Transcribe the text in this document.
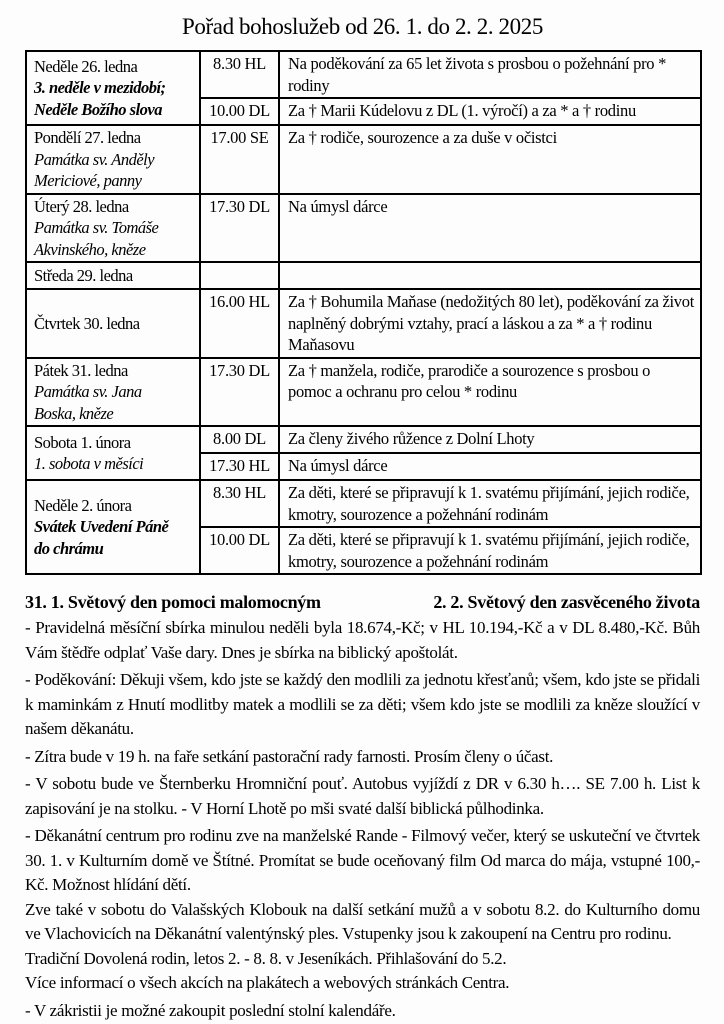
Pořad bohoslužeb od 26. 1. do 2. 2. 2025
Neděle 26. ledna
3. neděle v mezidobí;
Neděle Božího slova	8.30 HL	Na poděkování za 65 let života s prosbou o požehnání pro * rodiny
	10.00 DL	Za † Marii Kúdelovu z DL (1. výročí) a za * a † rodinu

Pondělí 27. ledna
Památka sv. Anděly
Mericiové, panny	17.00 SE	Za † rodiče, sourozence a za duše v očistci

Úterý 28. ledna
Památka sv. Tomáše
Akvinského, kněze	17.30 DL	Na úmysl dárce

Středa 29. ledna		

Čtvrtek 30. ledna	16.00 HL	Za † Bohumila Maňase (nedožitých 80 let), poděkování za život naplněný dobrými vztahy, prací a láskou a za * a † rodinu Maňasovu

Pátek 31. ledna
Památka sv. Jana
Boska, kněze	17.30 DL	Za † manžela, rodiče, prarodiče a sourozence s prosbou o pomoc a ochranu pro celou * rodinu

Sobota 1. února
1. sobota v měsíci	8.00 DL	Za členy živého růžence z Dolní Lhoty
	17.30 HL	Na úmysl dárce

Neděle 2. února
Svátek Uvedení Páně
do chrámu	8.30 HL	Za děti, které se připravují k 1. svatému přijímání, jejich rodiče, kmotry, sourozence a požehnání rodinám
	10.00 DL	Za děti, které se připravují k 1. svatému přijímání, jejich rodiče, kmotry, sourozence a požehnání rodinám
31. 1. Světový den pomoci malomocným	2. 2. Světový den zasvěceného života

- Pravidelná měsíční sbírka minulou neděli byla 18.674,-Kč; v HL 10.194,-Kč a v DL 8.480,-Kč. Bůh Vám štědře odplať Vaše dary. Dnes je sbírka na biblický apoštolát.

- Poděkování: Děkuji všem, kdo jste se každý den modlili za jednotu křesťanů; všem, kdo jste se přidali k maminkám z Hnutí modlitby matek a modlili se za děti; všem kdo jste se modlili za kněze sloužící v našem děkanátu.

- Zítra bude v 19 h. na faře setkání pastorační rady farnosti. Prosím členy o účast.

- V sobotu bude ve Šternberku Hromniční pouť. Autobus vyjíždí z DR v 6.30 h…. SE 7.00 h. List k zapisování je na stolku. - V Horní Lhotě po mši svaté další biblická půlhodinka.

- Děkanátní centrum pro rodinu zve na manželské Rande - Filmový večer, který se uskuteční ve čtvrtek 30. 1. v Kulturním domě ve Štítné. Promítat se bude oceňovaný film Od marca do mája, vstupné 100,- Kč. Možnost hlídání dětí.

Zve také v sobotu do Valašských Klobouk na další setkání mužů a v sobotu 8.2. do Kulturního domu ve Vlachovicích na Děkanátní valentýnský ples. Vstupenky jsou k zakoupení na Centru pro rodinu.

Tradiční Dovolená rodin, letos 2. - 8. 8. v Jeseníkách. Přihlašování do 5.2.

Více informací o všech akcích na plakátech a webových stránkách Centra.

- V zákristii je možné zakoupit poslední stolní kalendáře.
